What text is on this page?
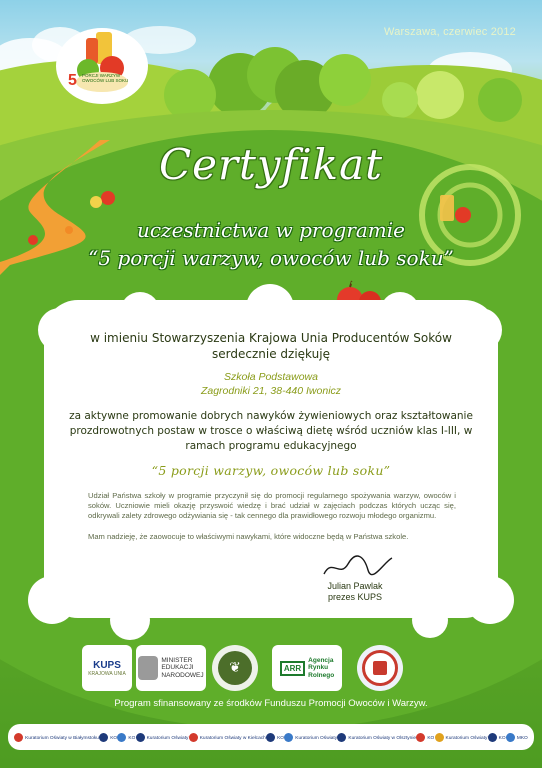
5 PORCJI WARZYW
OWOCÓW LUB SOKU
Warszawa, czerwiec 2012
Certyfikat
uczestnictwa w programie
“5 porcji warzyw, owoców lub soku”
w imieniu Stowarzyszenia Krajowa Unia Producentów Soków serdecznie dziękuję
Szkoła Podstawowa
Zagrodniki 21, 38-440 Iwonicz
za aktywne promowanie dobrych nawyków żywieniowych oraz kształtowanie prozdrowotnych postaw w trosce o właściwą dietę wśród uczniów klas I-III, w ramach programu edukacyjnego
“5 porcji warzyw, owoców lub soku”
Udział Państwa szkoły w programie przyczynił się do promocji regularnego spożywania warzyw, owoców i soków. Uczniowie mieli okazję przyswoić wiedzę i brać udział w zajęciach podczas których ucząc się, odkrywali zalety zdrowego odżywiania się - tak cennego dla prawidłowego rozwoju młodego organizmu.
Mam nadzieję, że zaowocuje to właściwymi nawykami, które widoczne będą w Państwa szkole.
Julian Pawlak
prezes KUPS
KUPS
KRAJOWA UNIA
MINISTER
EDUKACJI
NARODOWEJ	❦	ARR
Agencja
Rynku
Rolnego
Program sfinansowany ze środków Funduszu Promocji Owoców i Warzyw.
Kuratorium Oświaty w Białymstoku	KO	KO	Kuratorium Oświaty	Kuratorium Oświaty w Kielcach	KO	Kuratorium Oświaty	Kuratorium Oświaty w Olsztynie	KO	Kuratorium Oświaty	KO	MKO
